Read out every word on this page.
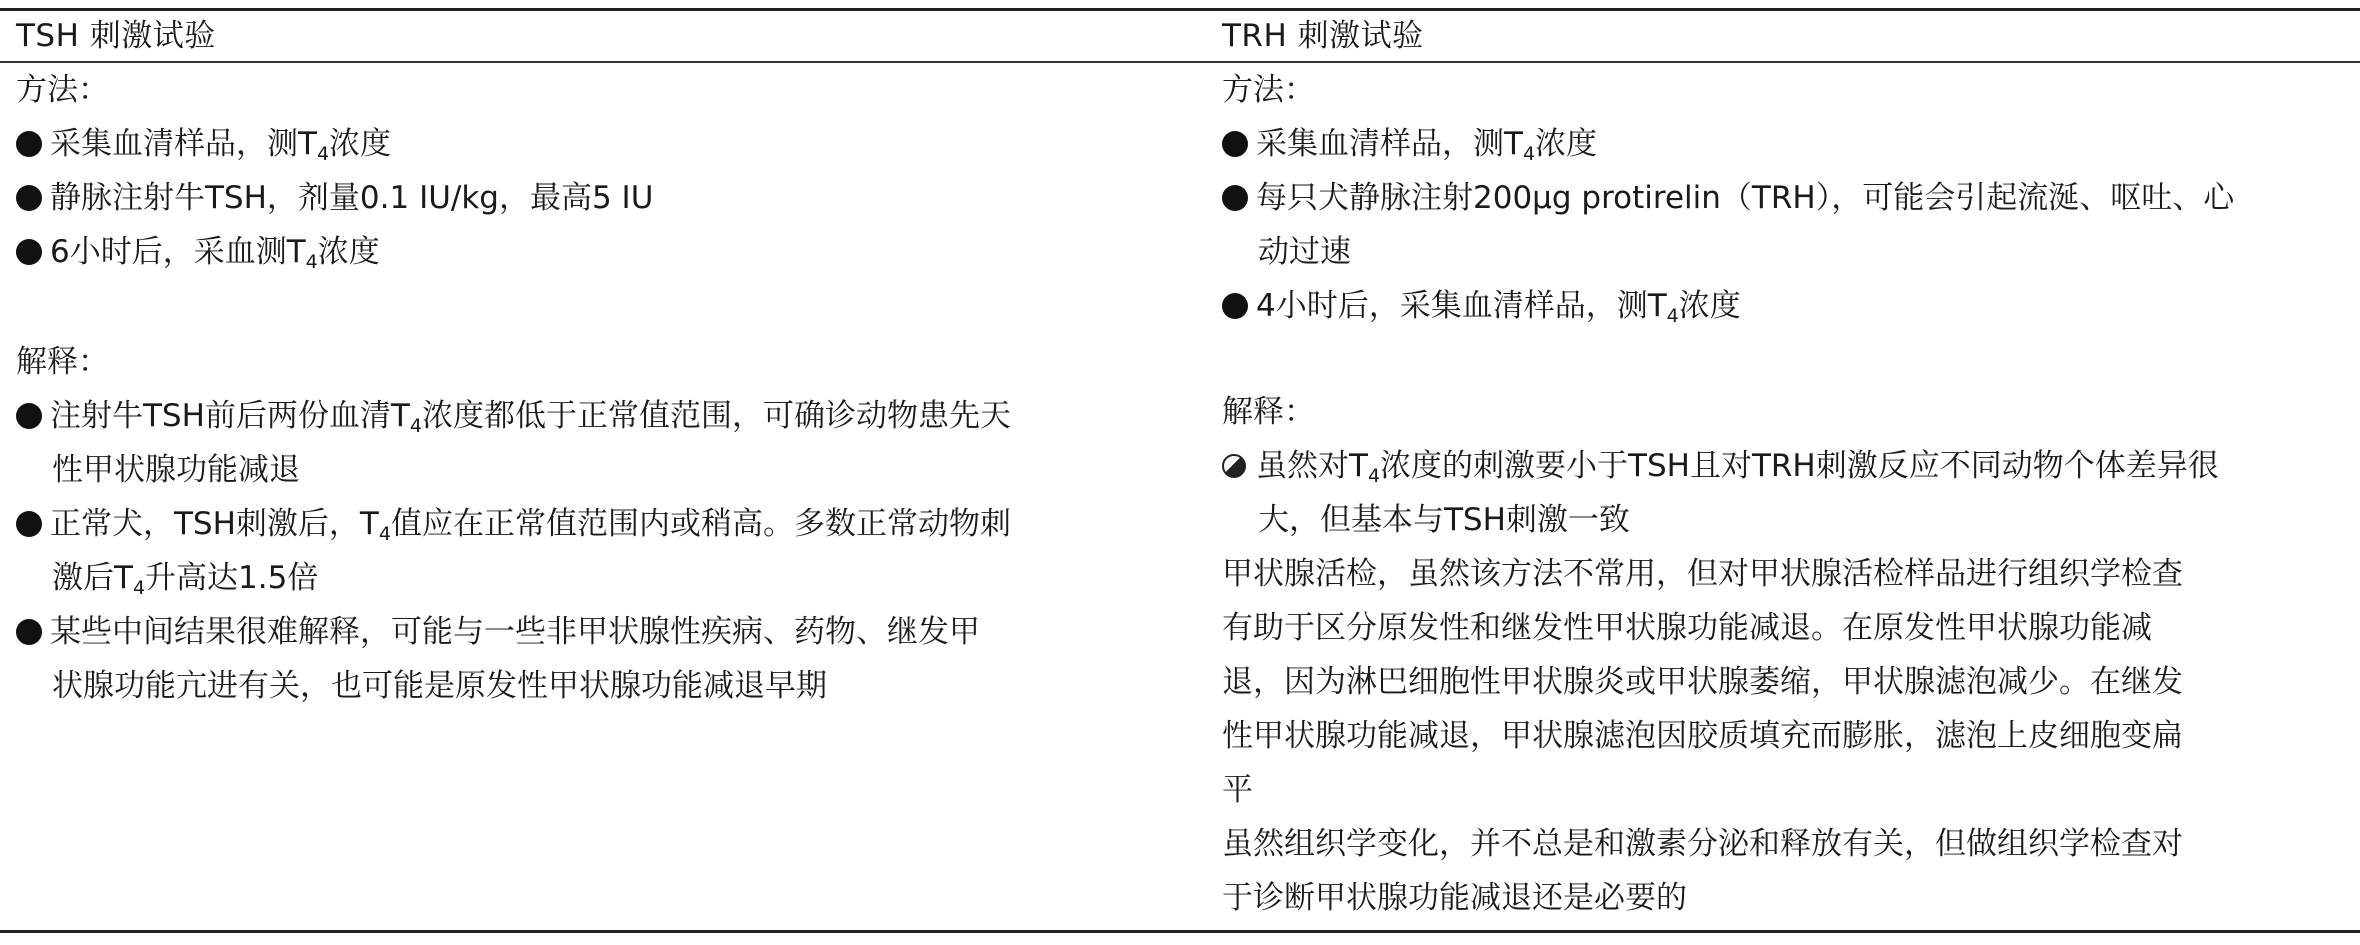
TSH 刺激试验	TRH 刺激试验
方法：
采集血清样品，测$T_4$浓度
静脉注射牛TSH，剂量0.1 IU/kg，最高5 IU
6小时后，采血测$T_4$浓度
解释：
注射牛TSH前后两份血清$T_4$浓度都低于正常值范围，可确诊动物患先天
性甲状腺功能减退
正常犬，TSH刺激后，$T_4$值应在正常值范围内或稍高。多数正常动物刺
激后$T_4$升高达1.5倍
某些中间结果很难解释，可能与一些非甲状腺性疾病、药物、继发甲
状腺功能亢进有关，也可能是原发性甲状腺功能减退早期
方法：
采集血清样品，测$T_4$浓度
每只犬静脉注射200μg protirelin（TRH），可能会引起流涎、呕吐、心
动过速
4小时后，采集血清样品，测$T_4$浓度
解释：
虽然对$T_4$浓度的刺激要小于TSH且对TRH刺激反应不同动物个体差异很
大，但基本与TSH刺激一致
甲状腺活检，虽然该方法不常用，但对甲状腺活检样品进行组织学检查
有助于区分原发性和继发性甲状腺功能减退。在原发性甲状腺功能减
退，因为淋巴细胞性甲状腺炎或甲状腺萎缩，甲状腺滤泡减少。在继发
性甲状腺功能减退，甲状腺滤泡因胶质填充而膨胀，滤泡上皮细胞变扁
平
虽然组织学变化，并不总是和激素分泌和释放有关，但做组织学检查对
于诊断甲状腺功能减退还是必要的
